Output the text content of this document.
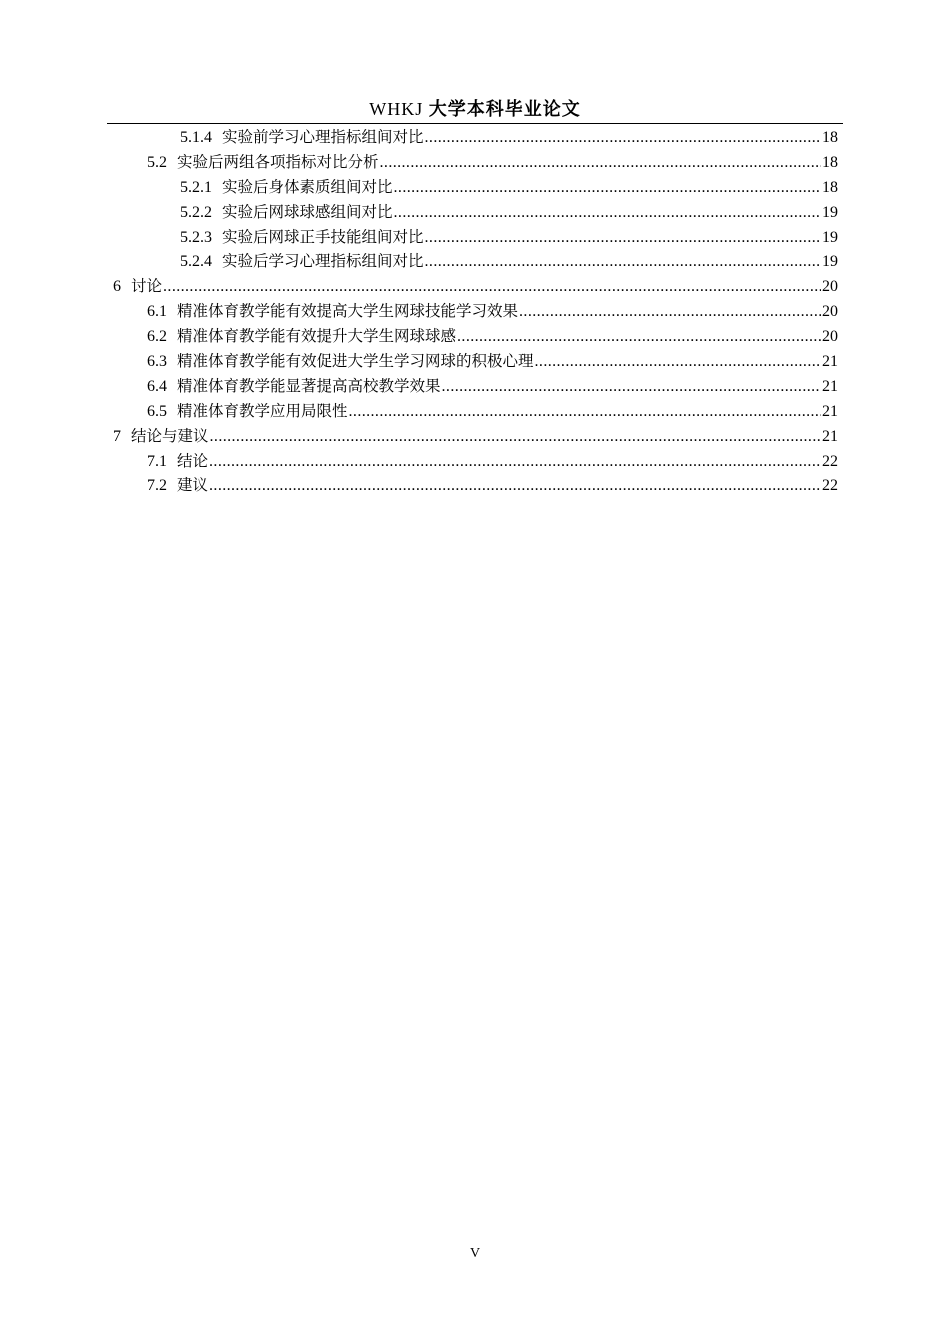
WHKJ 大学本科毕业论文
5.1.4 实验前学习心理指标组间对比 .....	18
5.2 实验后两组各项指标对比分析 .....	18
5.2.1 实验后身体素质组间对比 .....	18
5.2.2 实验后网球球感组间对比 .....	19
5.2.3 实验后网球正手技能组间对比 .....	19
5.2.4 实验后学习心理指标组间对比 .....	19
6 讨论 .....	20
6.1 精准体育教学能有效提高大学生网球技能学习效果 .....	20
6.2 精准体育教学能有效提升大学生网球球感 .....	20
6.3 精准体育教学能有效促进大学生学习网球的积极心理 .....	21
6.4 精准体育教学能显著提高高校教学效果 .....	21
6.5 精准体育教学应用局限性 .....	21
7 结论与建议 .....	21
7.1 结论 .....	22
7.2 建议 .....	22
V
